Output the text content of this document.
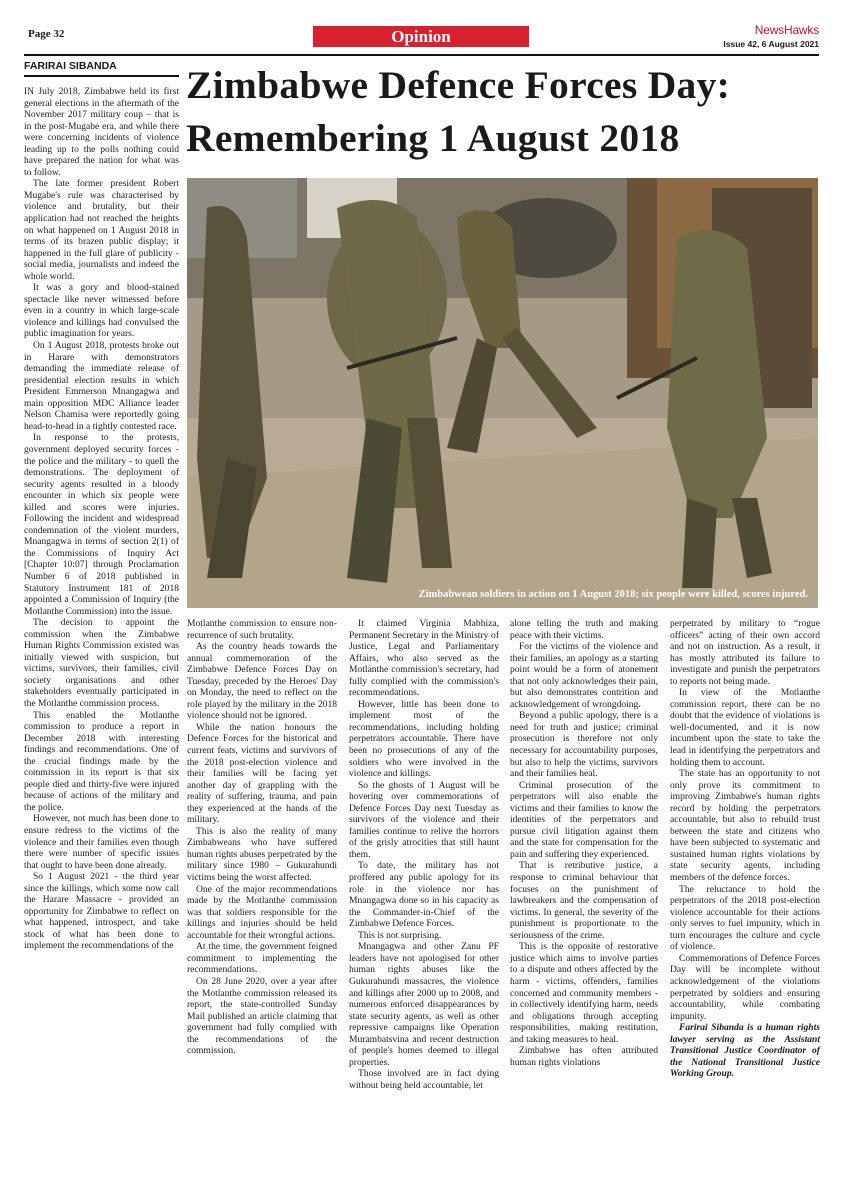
Page 32	Opinion	NewsHawks
Issue 42, 6 August 2021
FARIRAI SIBANDA	Zimbabwe Defence Forces Day:
Remembering 1 August 2018
Zimbabwean soldiers in action on 1 August 2018; six people were killed, scores injured.

IN July 2018, Zimbabwe held its first general elections in the aftermath of the November 2017 military coup – that is in the post-Mugabe era, and while there were concerning incidents of violence leading up to the polls nothing could have prepared the nation for what was to follow.

The late former president Robert Mugabe's rule was characterised by violence and brutality, but their application had not reached the heights on what happened on 1 August 2018 in terms of its brazen public display; it happened in the full glare of publicity - social media, journalists and indeed the whole world.

It was a gory and blood-stained spectacle like never witnessed before even in a country in which large-scale violence and killings had convulsed the public imagination for years.

On 1 August 2018, protests broke out in Harare with demonstrators demanding the immediate release of presidential election results in which President Emmerson Mnangagwa and main opposition MDC Alliance leader Nelson Chamisa were reportedly going head-to-head in a tightly contested race.

In response to the protests, government deployed security forces - the police and the military - to quell the demonstrations. The deployment of security agents resulted in a bloody encounter in which six people were killed and scores were injuries. Following the incident and widespread condemnation of the violent murders, Mnangagwa in terms of section 2(1) of the Commissions of Inquiry Act [Chapter 10:07] through Proclamation Number 6 of 2018 published in Statutory Instrument 181 of 2018 appointed a Commission of Inquiry (the Motlanthe Commission) into the issue.

The decision to appoint the commission when the Zimbabwe Human Rights Commission existed was initially viewed with suspicion, but victims, survivors, their families, civil society organisations and other stakeholders eventually participated in the Motlanthe commission process.

This enabled the Motlanthe commission to produce a report in December 2018 with interesting findings and recommendations. One of the crucial findings made by the commission in its report is that six people died and thirty-five were injured because of actions of the military and the police.

However, not much has been done to ensure redress to the victims of the violence and their families even though there were number of specific issues that ought to have been done already.

So 1 August 2021 - the third year since the killings, which some now call the Harare Massacre - provided an opportunity for Zimbabwe to reflect on what happened, introspect, and take stock of what has been done to implement the recommendations of the

Motlanthe commission to ensure non-recurrence of such brutality.

As the country heads towards the annual commemoration of the Zimbabwe Defence Forces Day on Tuesday, preceded by the Heroes' Day on Monday, the need to reflect on the role played by the military in the 2018 violence should not be ignored.

While the nation honours the Defence Forces for the historical and current feats, victims and survivors of the 2018 post-election violence and their families will be facing yet another day of grappling with the reality of suffering, trauma, and pain they experienced at the hands of the military.

This is also the reality of many Zimbabweans who have suffered human rights abuses perpetrated by the military since 1980 – Gukurahundi victims being the worst affected.

One of the major recommendations made by the Motlanthe commission was that soldiers responsible for the killings and injuries should be held accountable for their wrongful actions.

At the time, the government feigned commitment to implementing the recommendations.

On 28 June 2020, over a year after the Motlanthe commission released its report, the state-controlled Sunday Mail published an article claiming that government had fully complied with the recommendations of the commission.

It claimed Virginia Mabhiza, Permanent Secretary in the Ministry of Justice, Legal and Parliamentary Affairs, who also served as the Motlanthe commission's secretary, had fully complied with the commission's recommendations.

However, little has been done to implement most of the recommendations, including holding perpetrators accountable. There have been no prosecutions of any of the soldiers who were involved in the violence and killings.

So the ghosts of 1 August will be hovering over commemorations of Defence Forces Day next Tuesday as survivors of the violence and their families continue to relive the horrors of the grisly atrocities that still haunt them.

To date, the military has not proffered any public apology for its role in the violence nor has Mnangagwa done so in his capacity as the Commander-in-Chief of the Zimbabwe Defence Forces.

This is not surprising.

Mnangagwa and other Zanu PF leaders have not apologised for other human rights abuses like the Gukurahundi massacres, the violence and killings after 2000 up to 2008, and numerous enforced disappearances by state security agents, as well as other repressive campaigns like Operation Murambatsvina and recent destruction of people's homes deemed to illegal properties.

Those involved are in fact dying without being held accountable, let

alone telling the truth and making peace with their victims.

For the victims of the violence and their families, an apology as a starting point would be a form of atonement that not only acknowledges their pain, but also demonstrates contrition and acknowledgement of wrongdoing.

Beyond a public apology, there is a need for truth and justice; criminal prosecution is therefore not only necessary for accountability purposes, but also to help the victims, survivors and their families heal.

Criminal prosecution of the perpetrators will also enable the victims and their families to know the identities of the perpetrators and pursue civil litigation against them and the state for compensation for the pain and suffering they experienced.

That is retributive justice, a response to criminal behaviour that focuses on the punishment of lawbreakers and the compensation of victims. In general, the severity of the punishment is proportionate to the seriousness of the crime.

This is the opposite of restorative justice which aims to involve parties to a dispute and others affected by the harm - victims, offenders, families concerned and community members - in collectively identifying harm, needs and obligations through accepting responsibilities, making restitution, and taking measures to heal.

Zimbabwe has often attributed human rights violations

perpetrated by military to “rogue officers” acting of their own accord and not on instruction. As a result, it has mostly attributed its failure to investigate and punish the perpetrators to reports not being made.

In view of the Motlanthe commission report, there can be no doubt that the evidence of violations is well-documented, and it is now incumbent upon the state to take the lead in identifying the perpetrators and holding them to account.

The state has an opportunity to not only prove its commitment to improving Zimbabwe's human rights record by holding the perpetrators accountable, but also to rebuild trust between the state and citizens who have been subjected to systematic and sustained human rights violations by state security agents, including members of the defence forces.

The reluctance to hold the perpetrators of the 2018 post-election violence accountable for their actions only serves to fuel impunity, which in turn encourages the culture and cycle of violence.

Commemorations of Defence Forces Day will be incomplete without acknowledgement of the violations perpetrated by soldiers and ensuring accountability, while combating impunity.

Farirai Sibanda is a human rights lawyer serving as the Assistant Transitional Justice Coordinator of the National Transitional Justice Working Group.
